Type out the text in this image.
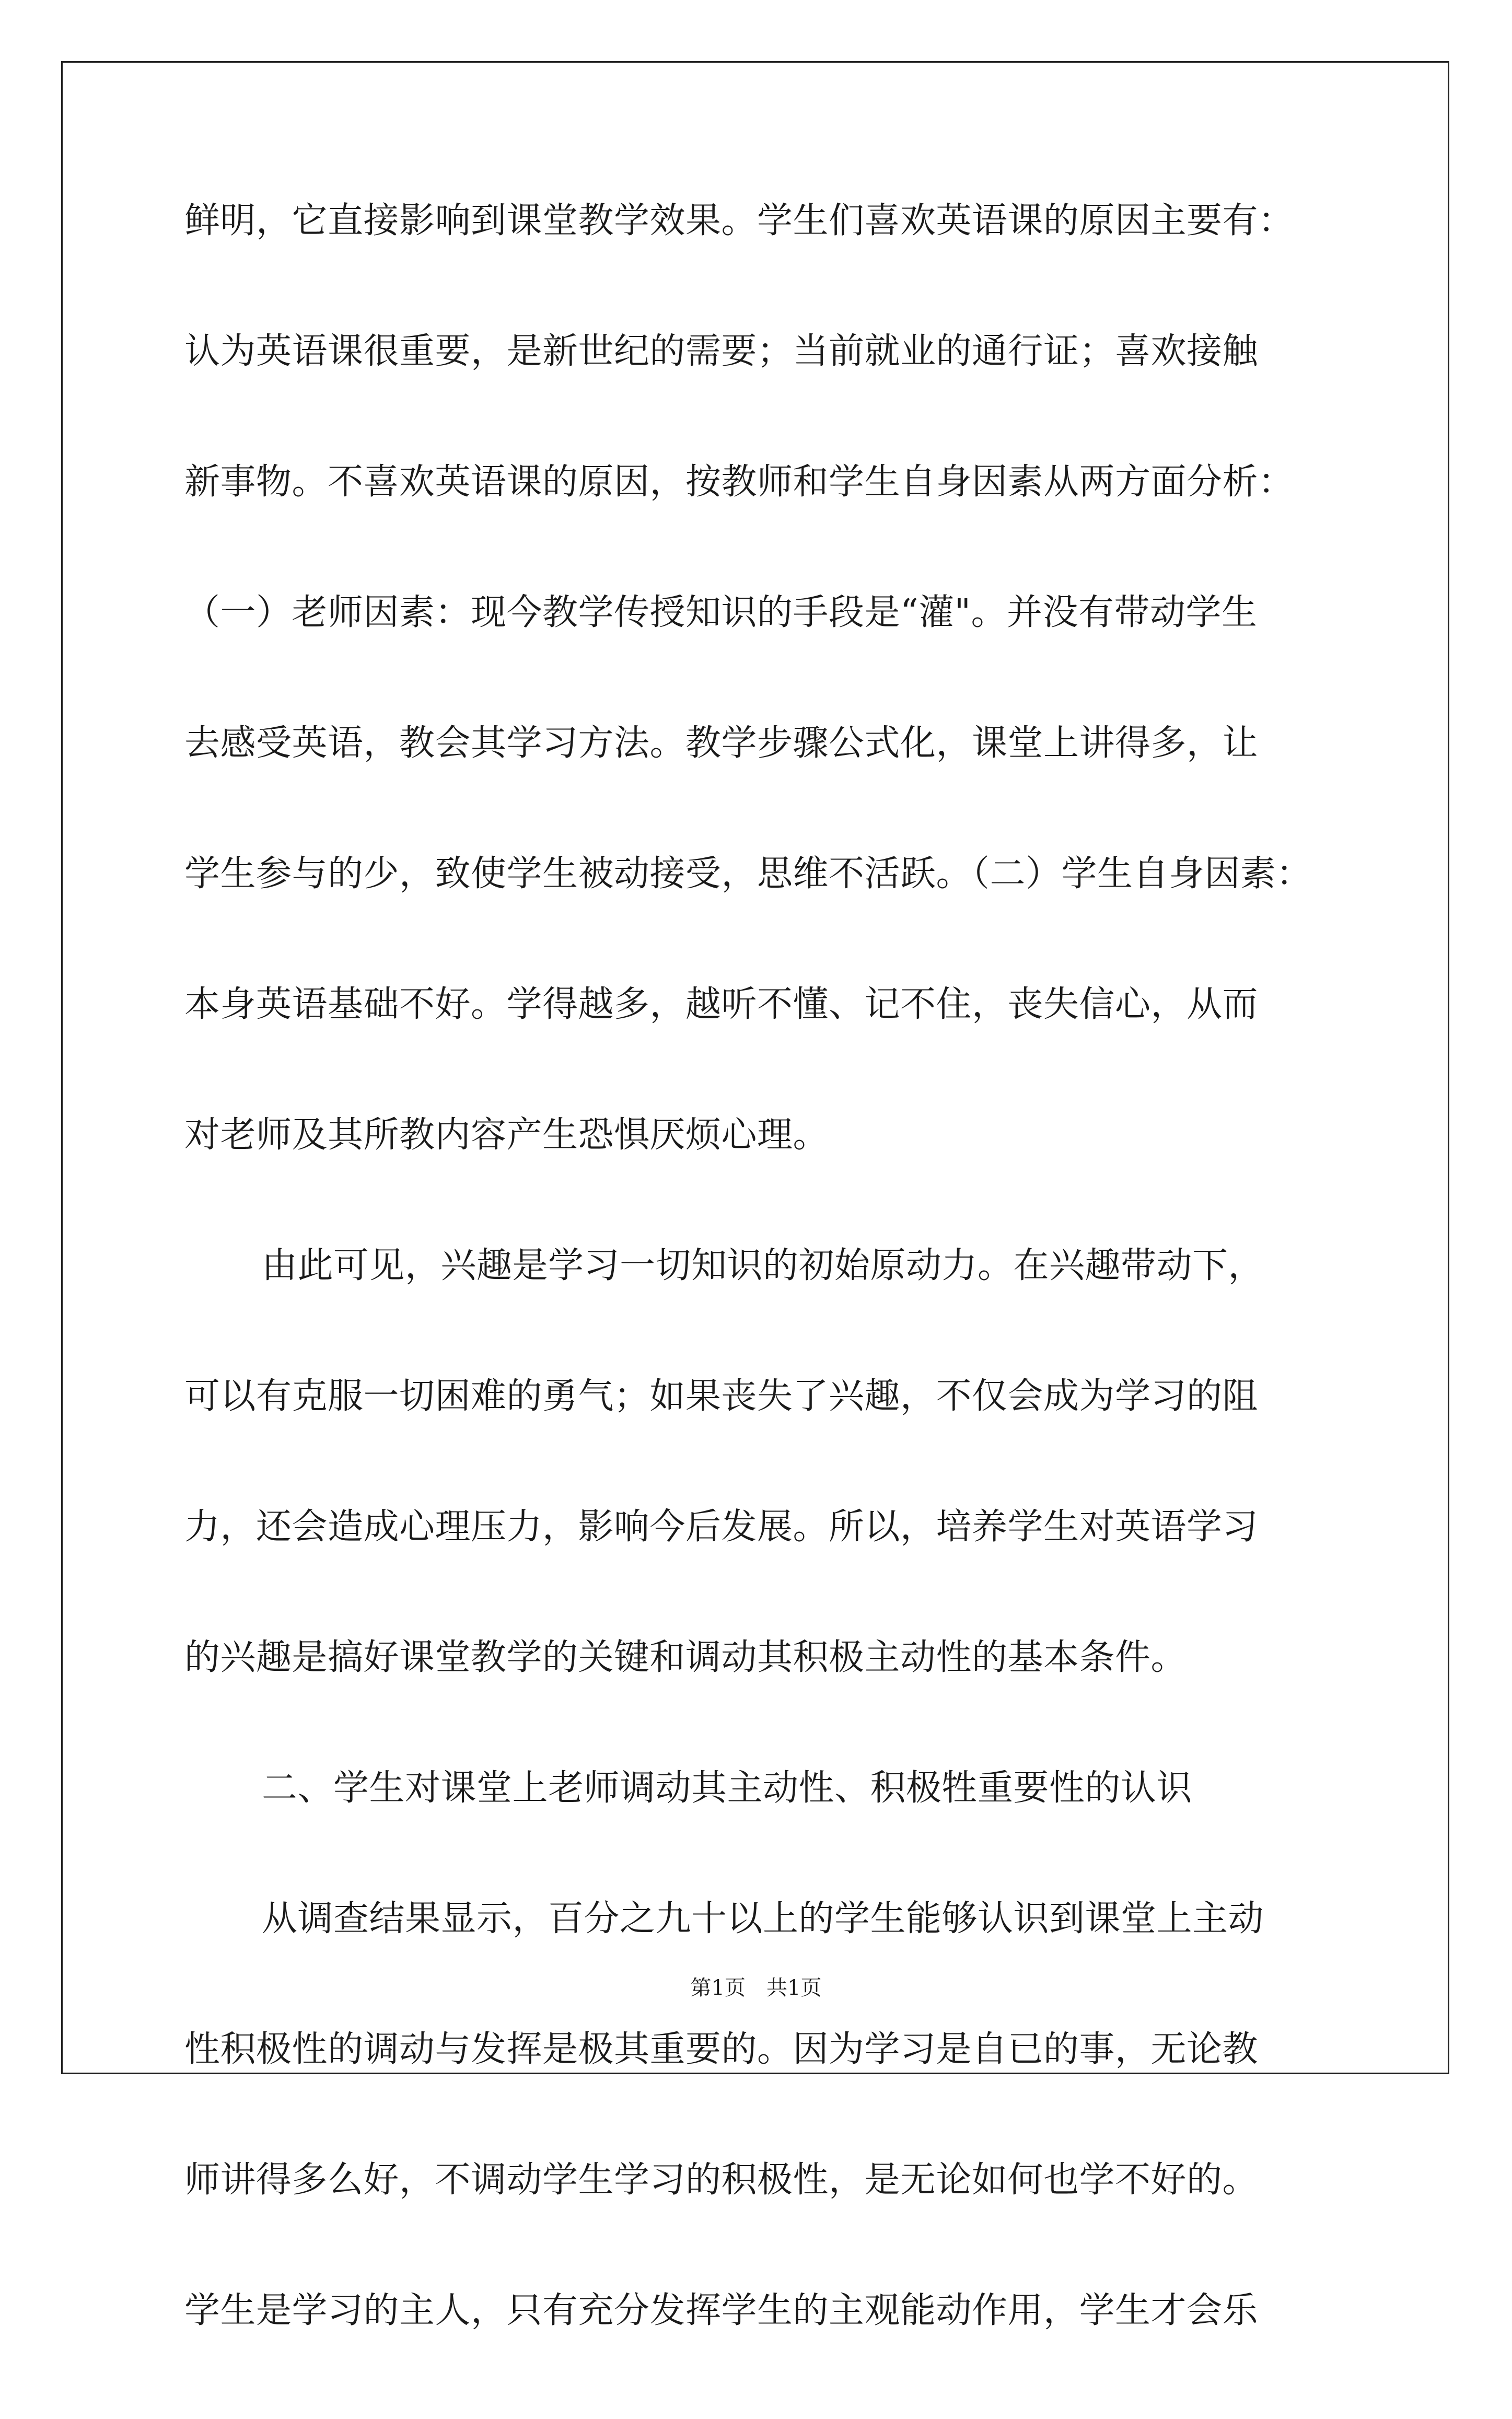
鲜明，它直接影响到课堂教学效果。学生们喜欢英语课的原因主要有：

认为英语课很重要，是新世纪的需要；当前就业的通行证；喜欢接触

新事物。不喜欢英语课的原因，按教师和学生自身因素从两方面分析：

（一）老师因素：现今教学传授知识的手段是“灌"。并没有带动学生

去感受英语，教会其学习方法。教学步骤公式化，课堂上讲得多，让

学生参与的少，致使学生被动接受，思维不活跃。（二）学生自身因素：

本身英语基础不好。学得越多，越听不懂、记不住，丧失信心，从而

对老师及其所教内容产生恐惧厌烦心理。

由此可见，兴趣是学习一切知识的初始原动力。在兴趣带动下，

可以有克服一切困难的勇气；如果丧失了兴趣，不仅会成为学习的阻

力，还会造成心理压力，影响今后发展。所以，培养学生对英语学习

的兴趣是搞好课堂教学的关键和调动其积极主动性的基本条件。

二、学生对课堂上老师调动其主动性、积极牲重要性的认识

从调查结果显示，百分之九十以上的学生能够认识到课堂上主动

性积极性的调动与发挥是极其重要的。因为学习是自已的事，无论教

师讲得多么好，不调动学生学习的积极性，是无论如何也学不好的。

学生是学习的主人，只有充分发挥学生的主观能动作用，学生才会乐

第1页　共1页
